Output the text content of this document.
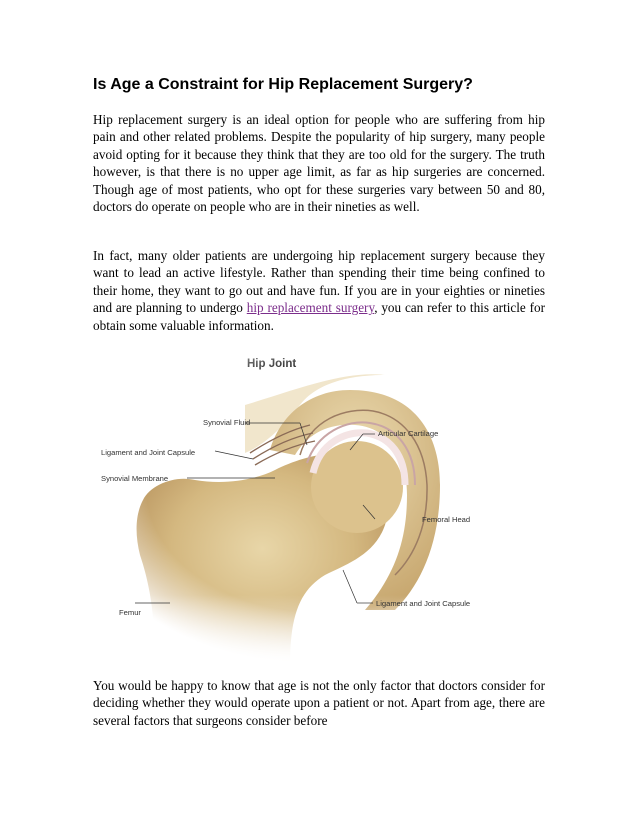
Is Age a Constraint for Hip Replacement Surgery?

Hip replacement surgery is an ideal option for people who are suffering from hip pain and other related problems. Despite the popularity of hip surgery, many people avoid opting for it because they think that they are too old for the surgery. The truth however, is that there is no upper age limit, as far as hip surgeries are concerned. Though age of most patients, who opt for these surgeries vary between 50 and 80, doctors do operate on people who are in their nineties as well.

In fact, many older patients are undergoing hip replacement surgery because they want to lead an active lifestyle. Rather than spending their time being confined to their home, they want to go out and have fun. If you are in your eighties or nineties and are planning to undergo hip replacement surgery, you can refer to this article for obtain some valuable information.

Synovial Fluid
Ligament and Joint Capsule
Synovial Membrane
Articular Cartilage
Femoral Head
Ligament and Joint Capsule
Femur

You would be happy to know that age is not the only factor that doctors consider for deciding whether they would operate upon a patient or not. Apart from age, there are several factors that surgeons consider before
